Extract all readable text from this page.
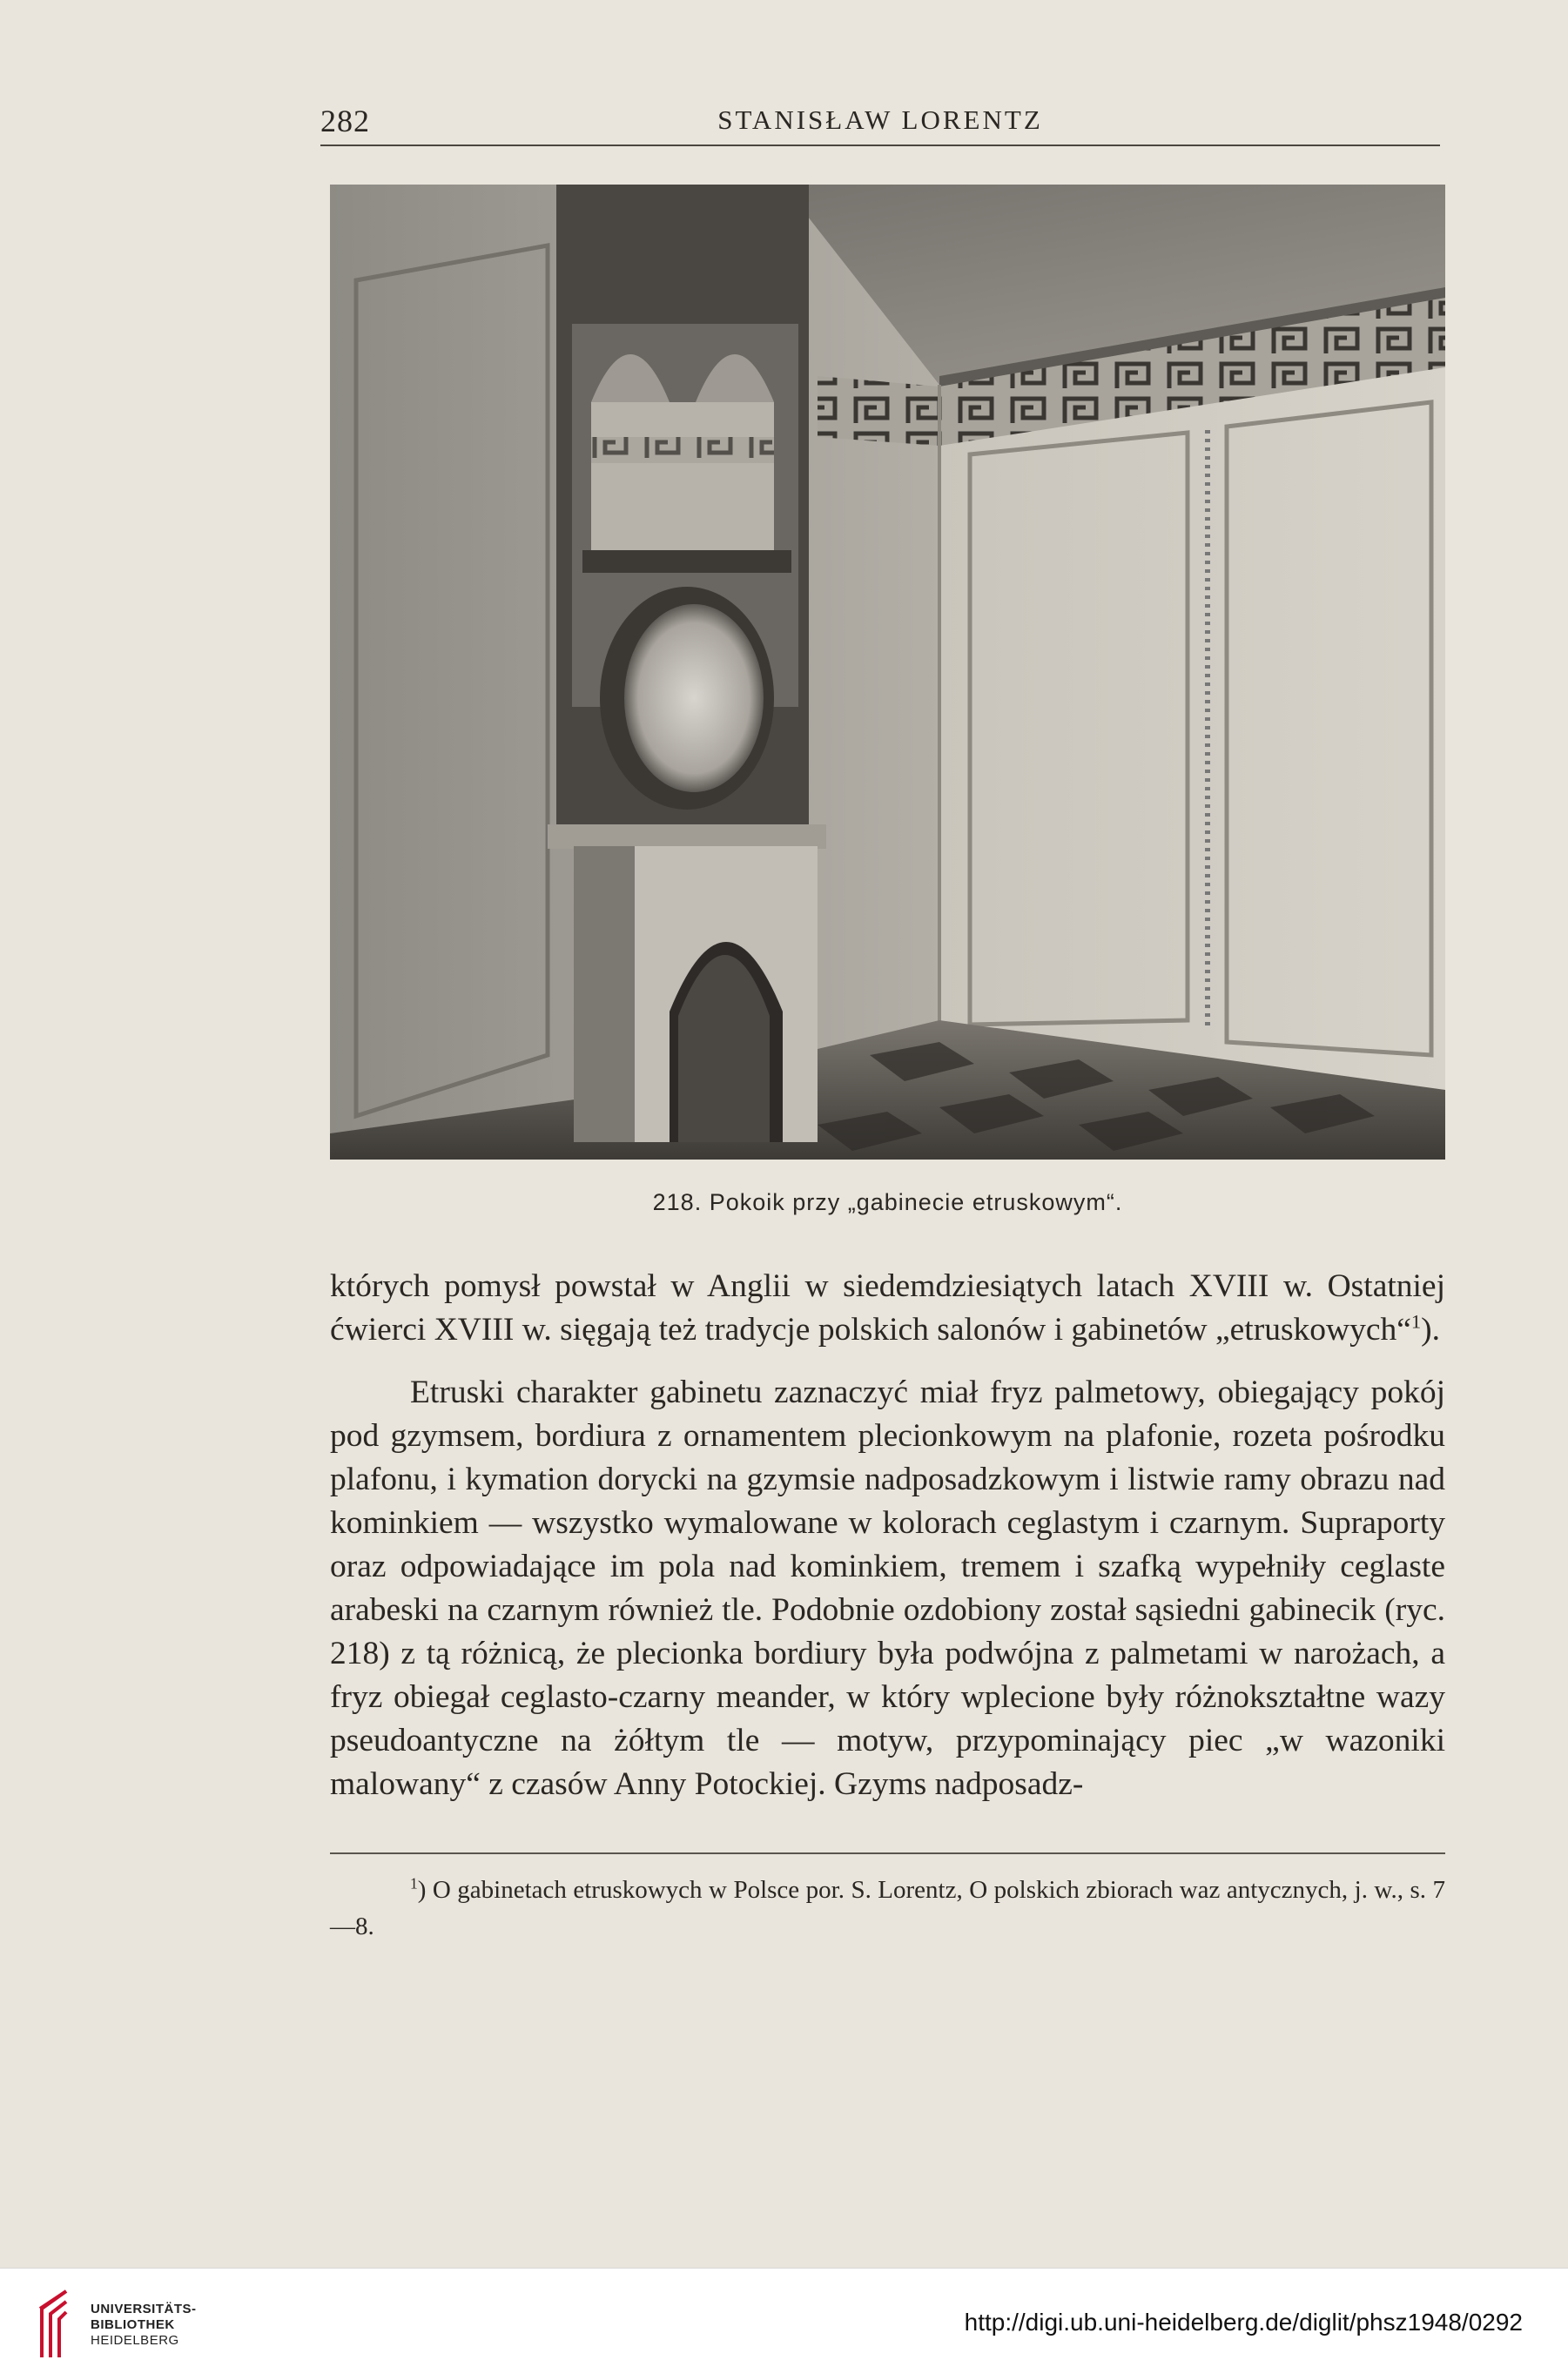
282	STANISŁAW LORENTZ
218. Pokoik przy „gabinecie etruskowym“.

których pomysł powstał w Anglii w siedemdziesiątych latach XVIII w. Ostatniej ćwierci XVIII w. sięgają też tradycje polskich salonów i gabinetów „etruskowych“$^1$).

Etruski charakter gabinetu zaznaczyć miał fryz palmetowy, obiegający pokój pod gzymsem, bordiura z ornamentem plecionkowym na plafonie, rozeta pośrodku plafonu, i kymation dorycki na gzymsie nadposadzkowym i listwie ramy obrazu nad kominkiem — wszystko wymalowane w kolorach ceglastym i czarnym. Supraporty oraz odpowiadające im pola nad kominkiem, tremem i szafką wypełniły ceglaste arabeski na czarnym również tle. Podobnie ozdobiony został sąsiedni gabinecik (ryc. 218) z tą różnicą, że plecionka bordiury była podwójna z palmetami w narożach, a fryz obiegał ceglasto-czarny meander, w który wplecione były różnokształtne wazy pseudoantyczne na żółtym tle — motyw, przypominający piec „w wazoniki malowany“ z czasów Anny Potockiej. Gzyms nadposadz-

$^1$) O gabinetach etruskowych w Polsce por. S. Lorentz, O polskich zbiorach waz antycznych, j. w., s. 7—8.
UNIVERSITÄTS-
BIBLIOTHEK
HEIDELBERG
http://digi.ub.uni-heidelberg.de/diglit/phsz1948/0292
